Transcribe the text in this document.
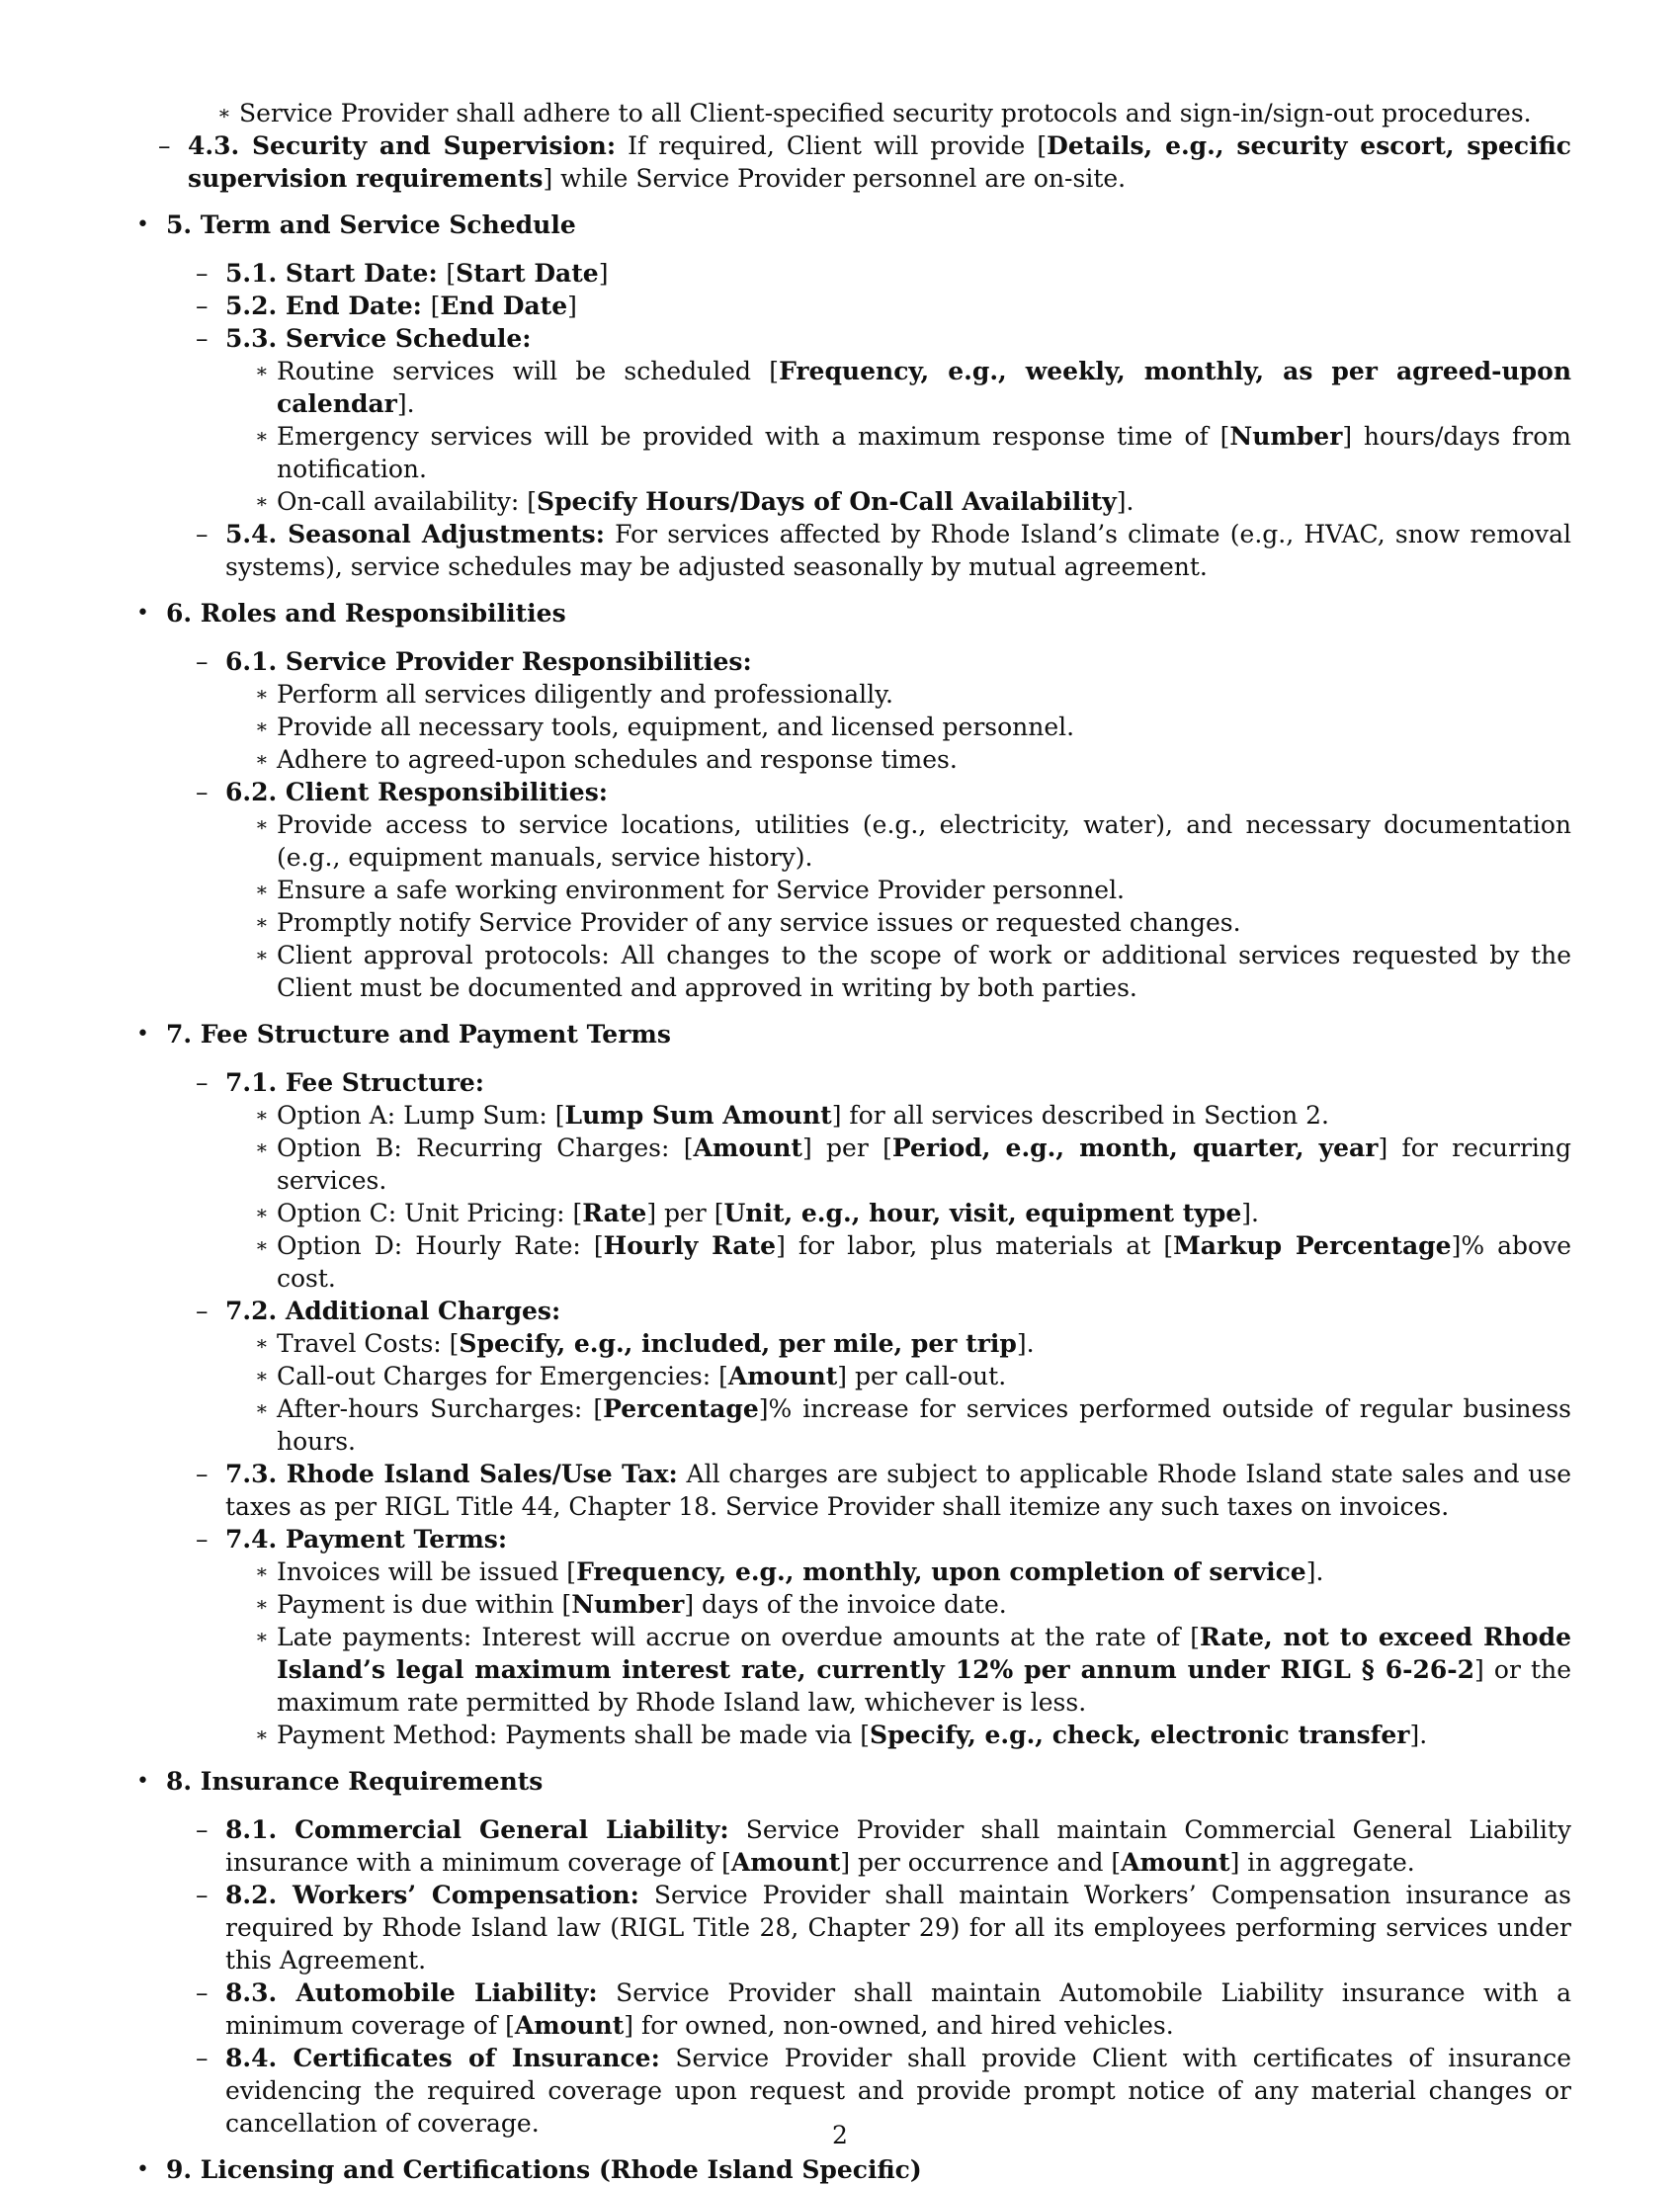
∗ Service Provider shall adhere to all Client-specified security protocols and sign-in/sign-out procedures.
– 4.3. Security and Supervision: If required, Client will provide [Details, e.g., security escort, specific supervision requirements] while Service Provider personnel are on-site.
• 5. Term and Service Schedule
– 5.1. Start Date: [Start Date]
– 5.2. End Date: [End Date]
– 5.3. Service Schedule:
∗ Routine services will be scheduled [Frequency, e.g., weekly, monthly, as per agreed-upon calendar].
∗ Emergency services will be provided with a maximum response time of [Number] hours/days from notification.
∗ On-call availability: [Specify Hours/Days of On-Call Availability].
– 5.4. Seasonal Adjustments: For services affected by Rhode Island’s climate (e.g., HVAC, snow removal systems), service schedules may be adjusted seasonally by mutual agreement.
• 6. Roles and Responsibilities
– 6.1. Service Provider Responsibilities:
∗ Perform all services diligently and professionally.
∗ Provide all necessary tools, equipment, and licensed personnel.
∗ Adhere to agreed-upon schedules and response times.
– 6.2. Client Responsibilities:
∗ Provide access to service locations, utilities (e.g., electricity, water), and necessary documentation (e.g., equipment manuals, service history).
∗ Ensure a safe working environment for Service Provider personnel.
∗ Promptly notify Service Provider of any service issues or requested changes.
∗ Client approval protocols: All changes to the scope of work or additional services requested by the Client must be documented and approved in writing by both parties.
• 7. Fee Structure and Payment Terms
– 7.1. Fee Structure:
∗ Option A: Lump Sum: [Lump Sum Amount] for all services described in Section 2.
∗ Option B: Recurring Charges: [Amount] per [Period, e.g., month, quarter, year] for recurring services.
∗ Option C: Unit Pricing: [Rate] per [Unit, e.g., hour, visit, equipment type].
∗ Option D: Hourly Rate: [Hourly Rate] for labor, plus materials at [Markup Percentage]% above cost.
– 7.2. Additional Charges:
∗ Travel Costs: [Specify, e.g., included, per mile, per trip].
∗ Call-out Charges for Emergencies: [Amount] per call-out.
∗ After-hours Surcharges: [Percentage]% increase for services performed outside of regular business hours.
– 7.3. Rhode Island Sales/Use Tax: All charges are subject to applicable Rhode Island state sales and use taxes as per RIGL Title 44, Chapter 18. Service Provider shall itemize any such taxes on invoices.
– 7.4. Payment Terms:
∗ Invoices will be issued [Frequency, e.g., monthly, upon completion of service].
∗ Payment is due within [Number] days of the invoice date.
∗ Late payments: Interest will accrue on overdue amounts at the rate of [Rate, not to exceed Rhode Island’s legal maximum interest rate, currently 12% per annum under RIGL § 6-26-2] or the maximum rate permitted by Rhode Island law, whichever is less.
∗ Payment Method: Payments shall be made via [Specify, e.g., check, electronic transfer].
• 8. Insurance Requirements
– 8.1. Commercial General Liability: Service Provider shall maintain Commercial General Liability insurance with a minimum coverage of [Amount] per occurrence and [Amount] in aggregate.
– 8.2. Workers’ Compensation: Service Provider shall maintain Workers’ Compensation insurance as required by Rhode Island law (RIGL Title 28, Chapter 29) for all its employees performing services under this Agreement.
– 8.3. Automobile Liability: Service Provider shall maintain Automobile Liability insurance with a minimum coverage of [Amount] for owned, non-owned, and hired vehicles.
– 8.4. Certificates of Insurance: Service Provider shall provide Client with certificates of insurance evidencing the required coverage upon request and provide prompt notice of any material changes or cancellation of coverage.
• 9. Licensing and Certifications (Rhode Island Specific)
2
